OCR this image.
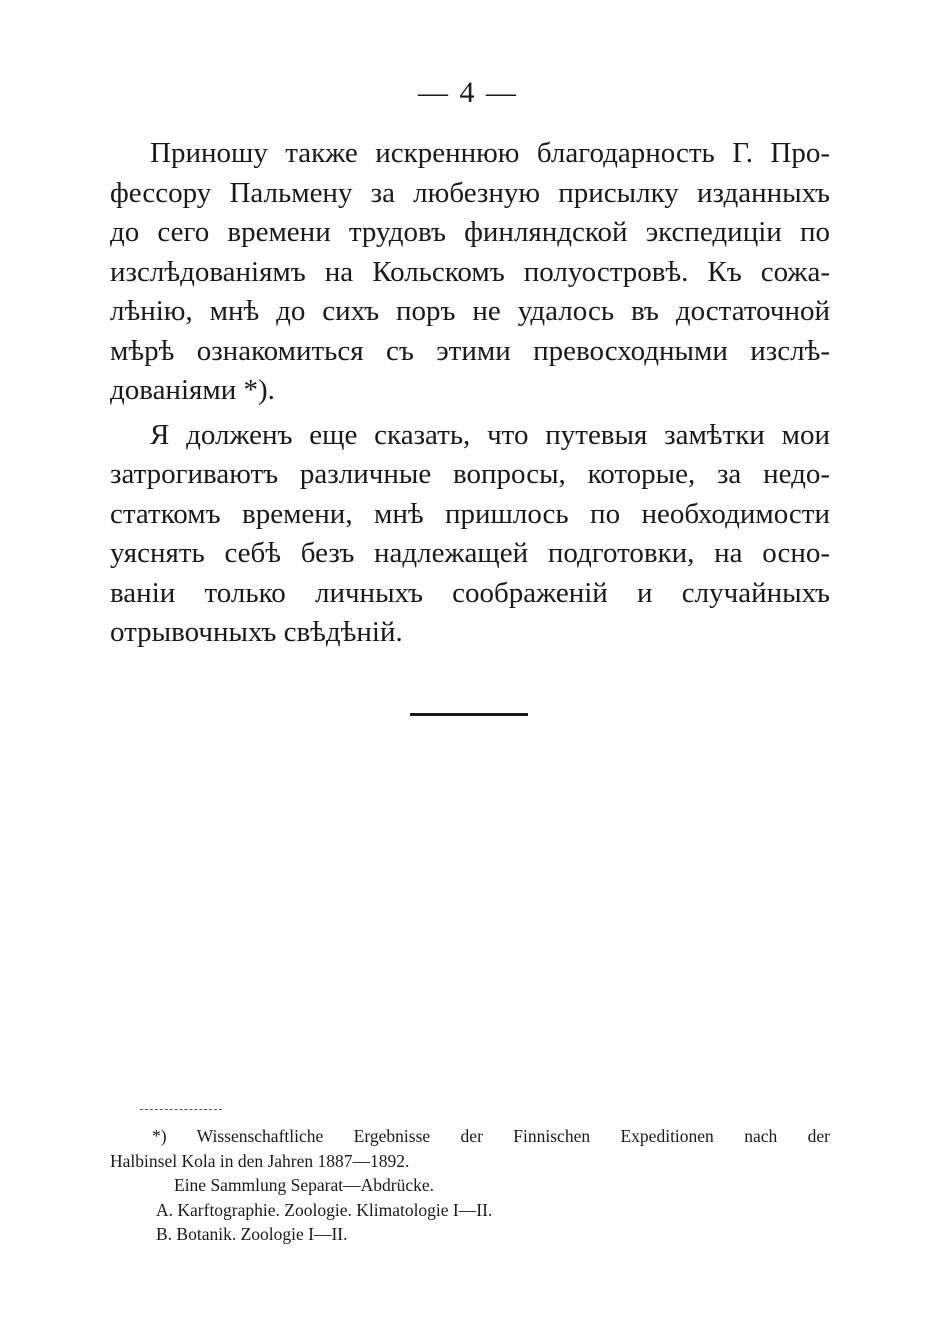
— 4 —
Приношу также искреннюю благодарность Г. Про-
фессору Пальмену за любезную присылку изданныхъ
до сего времени трудовъ финляндской экспедиціи по
изслѣдованіямъ на Кольскомъ полуостровѣ. Къ сожа-
лѣнію, мнѣ до сихъ поръ не удалось въ достаточной
мѣрѣ ознакомиться съ этими превосходными изслѣ-
дованіями *).
Я долженъ еще сказать, что путевыя замѣтки мои
затрогиваютъ различные вопросы, которые, за недо-
статкомъ времени, мнѣ пришлось по необходимости
уяснять себѣ безъ надлежащей подготовки, на осно-
ваніи только личныхъ соображеній и случайныхъ
отрывочныхъ свѣдѣній.
*) Wissenschaftliche Ergebnisse der Finnischen Expeditionen nach der
Halbinsel Kola in den Jahren 1887—1892.
Eine Sammlung Separat—Abdrücke.
A. Karftographie. Zoologie. Klimatologie I—II.
B. Botanik. Zoologie I—II.
